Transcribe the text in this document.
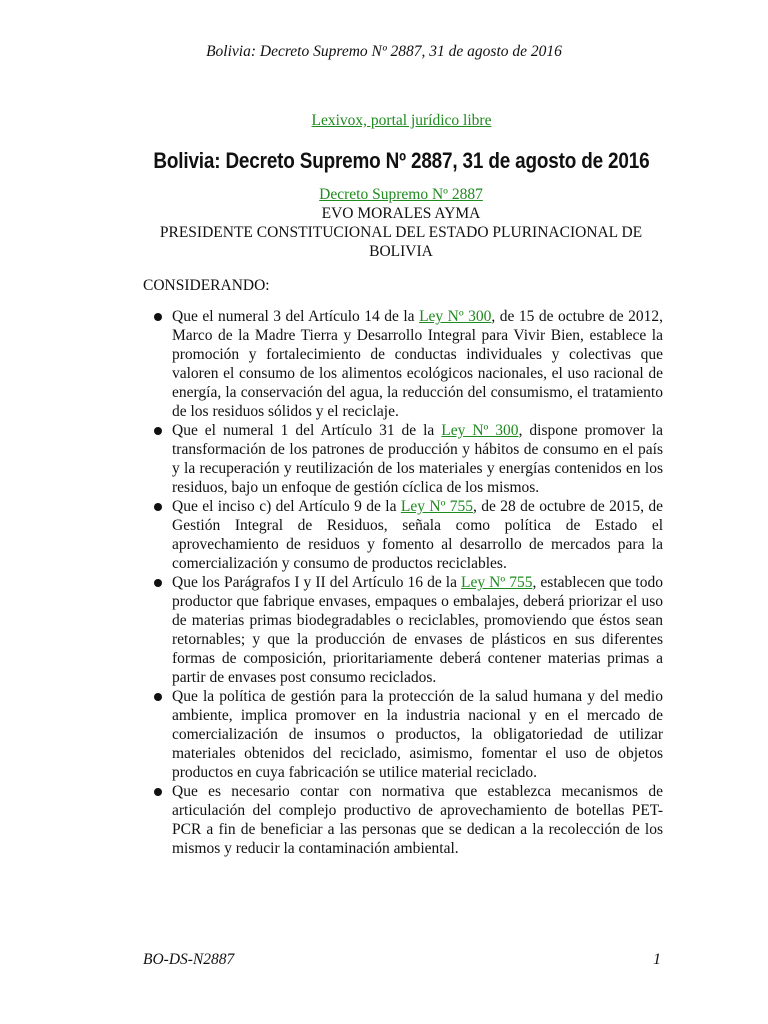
Bolivia: Decreto Supremo Nº 2887, 31 de agosto de 2016
Lexivox, portal jurídico libre
Bolivia: Decreto Supremo Nº 2887, 31 de agosto de 2016
Decreto Supremo Nº 2887
EVO MORALES AYMA
PRESIDENTE CONSTITUCIONAL DEL ESTADO PLURINACIONAL DE BOLIVIA
CONSIDERANDO:
Que el numeral 3 del Artículo 14 de la Ley Nº 300, de 15 de octubre de 2012, Marco de la Madre Tierra y Desarrollo Integral para Vivir Bien, establece la promoción y fortalecimiento de conductas individuales y colectivas que valoren el consumo de los alimentos ecológicos nacionales, el uso racional de energía, la conservación del agua, la reducción del consumismo, el tratamiento de los residuos sólidos y el reciclaje.
Que el numeral 1 del Artículo 31 de la Ley Nº 300, dispone promover la transformación de los patrones de producción y hábitos de consumo en el país y la recuperación y reutilización de los materiales y energías contenidos en los residuos, bajo un enfoque de gestión cíclica de los mismos.
Que el inciso c) del Artículo 9 de la Ley Nº 755, de 28 de octubre de 2015, de Gestión Integral de Residuos, señala como política de Estado el aprovechamiento de residuos y fomento al desarrollo de mercados para la comercialización y consumo de productos reciclables.
Que los Parágrafos I y II del Artículo 16 de la Ley Nº 755, establecen que todo productor que fabrique envases, empaques o embalajes, deberá priorizar el uso de materias primas biodegradables o reciclables, promoviendo que éstos sean retornables; y que la producción de envases de plásticos en sus diferentes formas de composición, prioritariamente deberá contener materias primas a partir de envases post consumo reciclados.
Que la política de gestión para la protección de la salud humana y del medio ambiente, implica promover en la industria nacional y en el mercado de comercialización de insumos o productos, la obligatoriedad de utilizar materiales obtenidos del reciclado, asimismo, fomentar el uso de objetos productos en cuya fabricación se utilice material reciclado.
Que es necesario contar con normativa que establezca mecanismos de articulación del complejo productivo de aprovechamiento de botellas PET-PCR a fin de beneficiar a las personas que se dedican a la recolección de los mismos y reducir la contaminación ambiental.
BO-DS-N2887	1
